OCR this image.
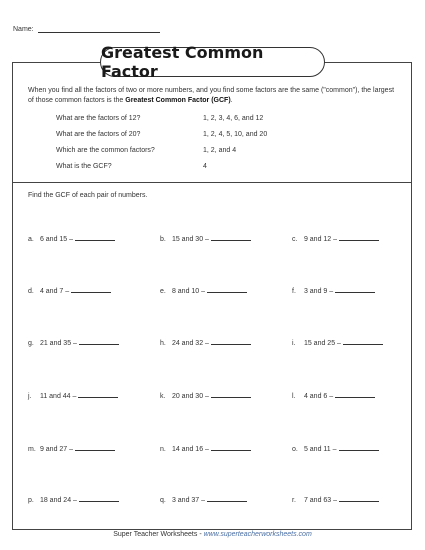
Name:
Greatest Common Factor
When you find all the factors of two or more numbers, and you find some factors are the same ("common"), the largest of those common factors is the Greatest Common Factor (GCF).
What are the factors of 12?	1, 2, 3, 4, 6, and 12
What are the factors of 20?	1, 2, 4, 5, 10, and 20
Which are the common factors?	1, 2, and 4
What is the GCF?	4
Find the GCF of each pair of numbers.
a. 6 and 15 –	b. 15 and 30 –	c. 9 and 12 –
d. 4 and 7 –	e. 8 and 10 –	f. 3 and 9 –
g. 21 and 35 –	h. 24 and 32 –	i. 15 and 25 –
j. 11 and 44 –	k. 20 and 30 –	l. 4 and 6 –
m. 9 and 27 –	n. 14 and 16 –	o. 5 and 11 –
p. 18 and 24 –	q. 3 and 37 –	r. 7 and 63 –
Super Teacher Worksheets - www.superteacherworksheets.com
